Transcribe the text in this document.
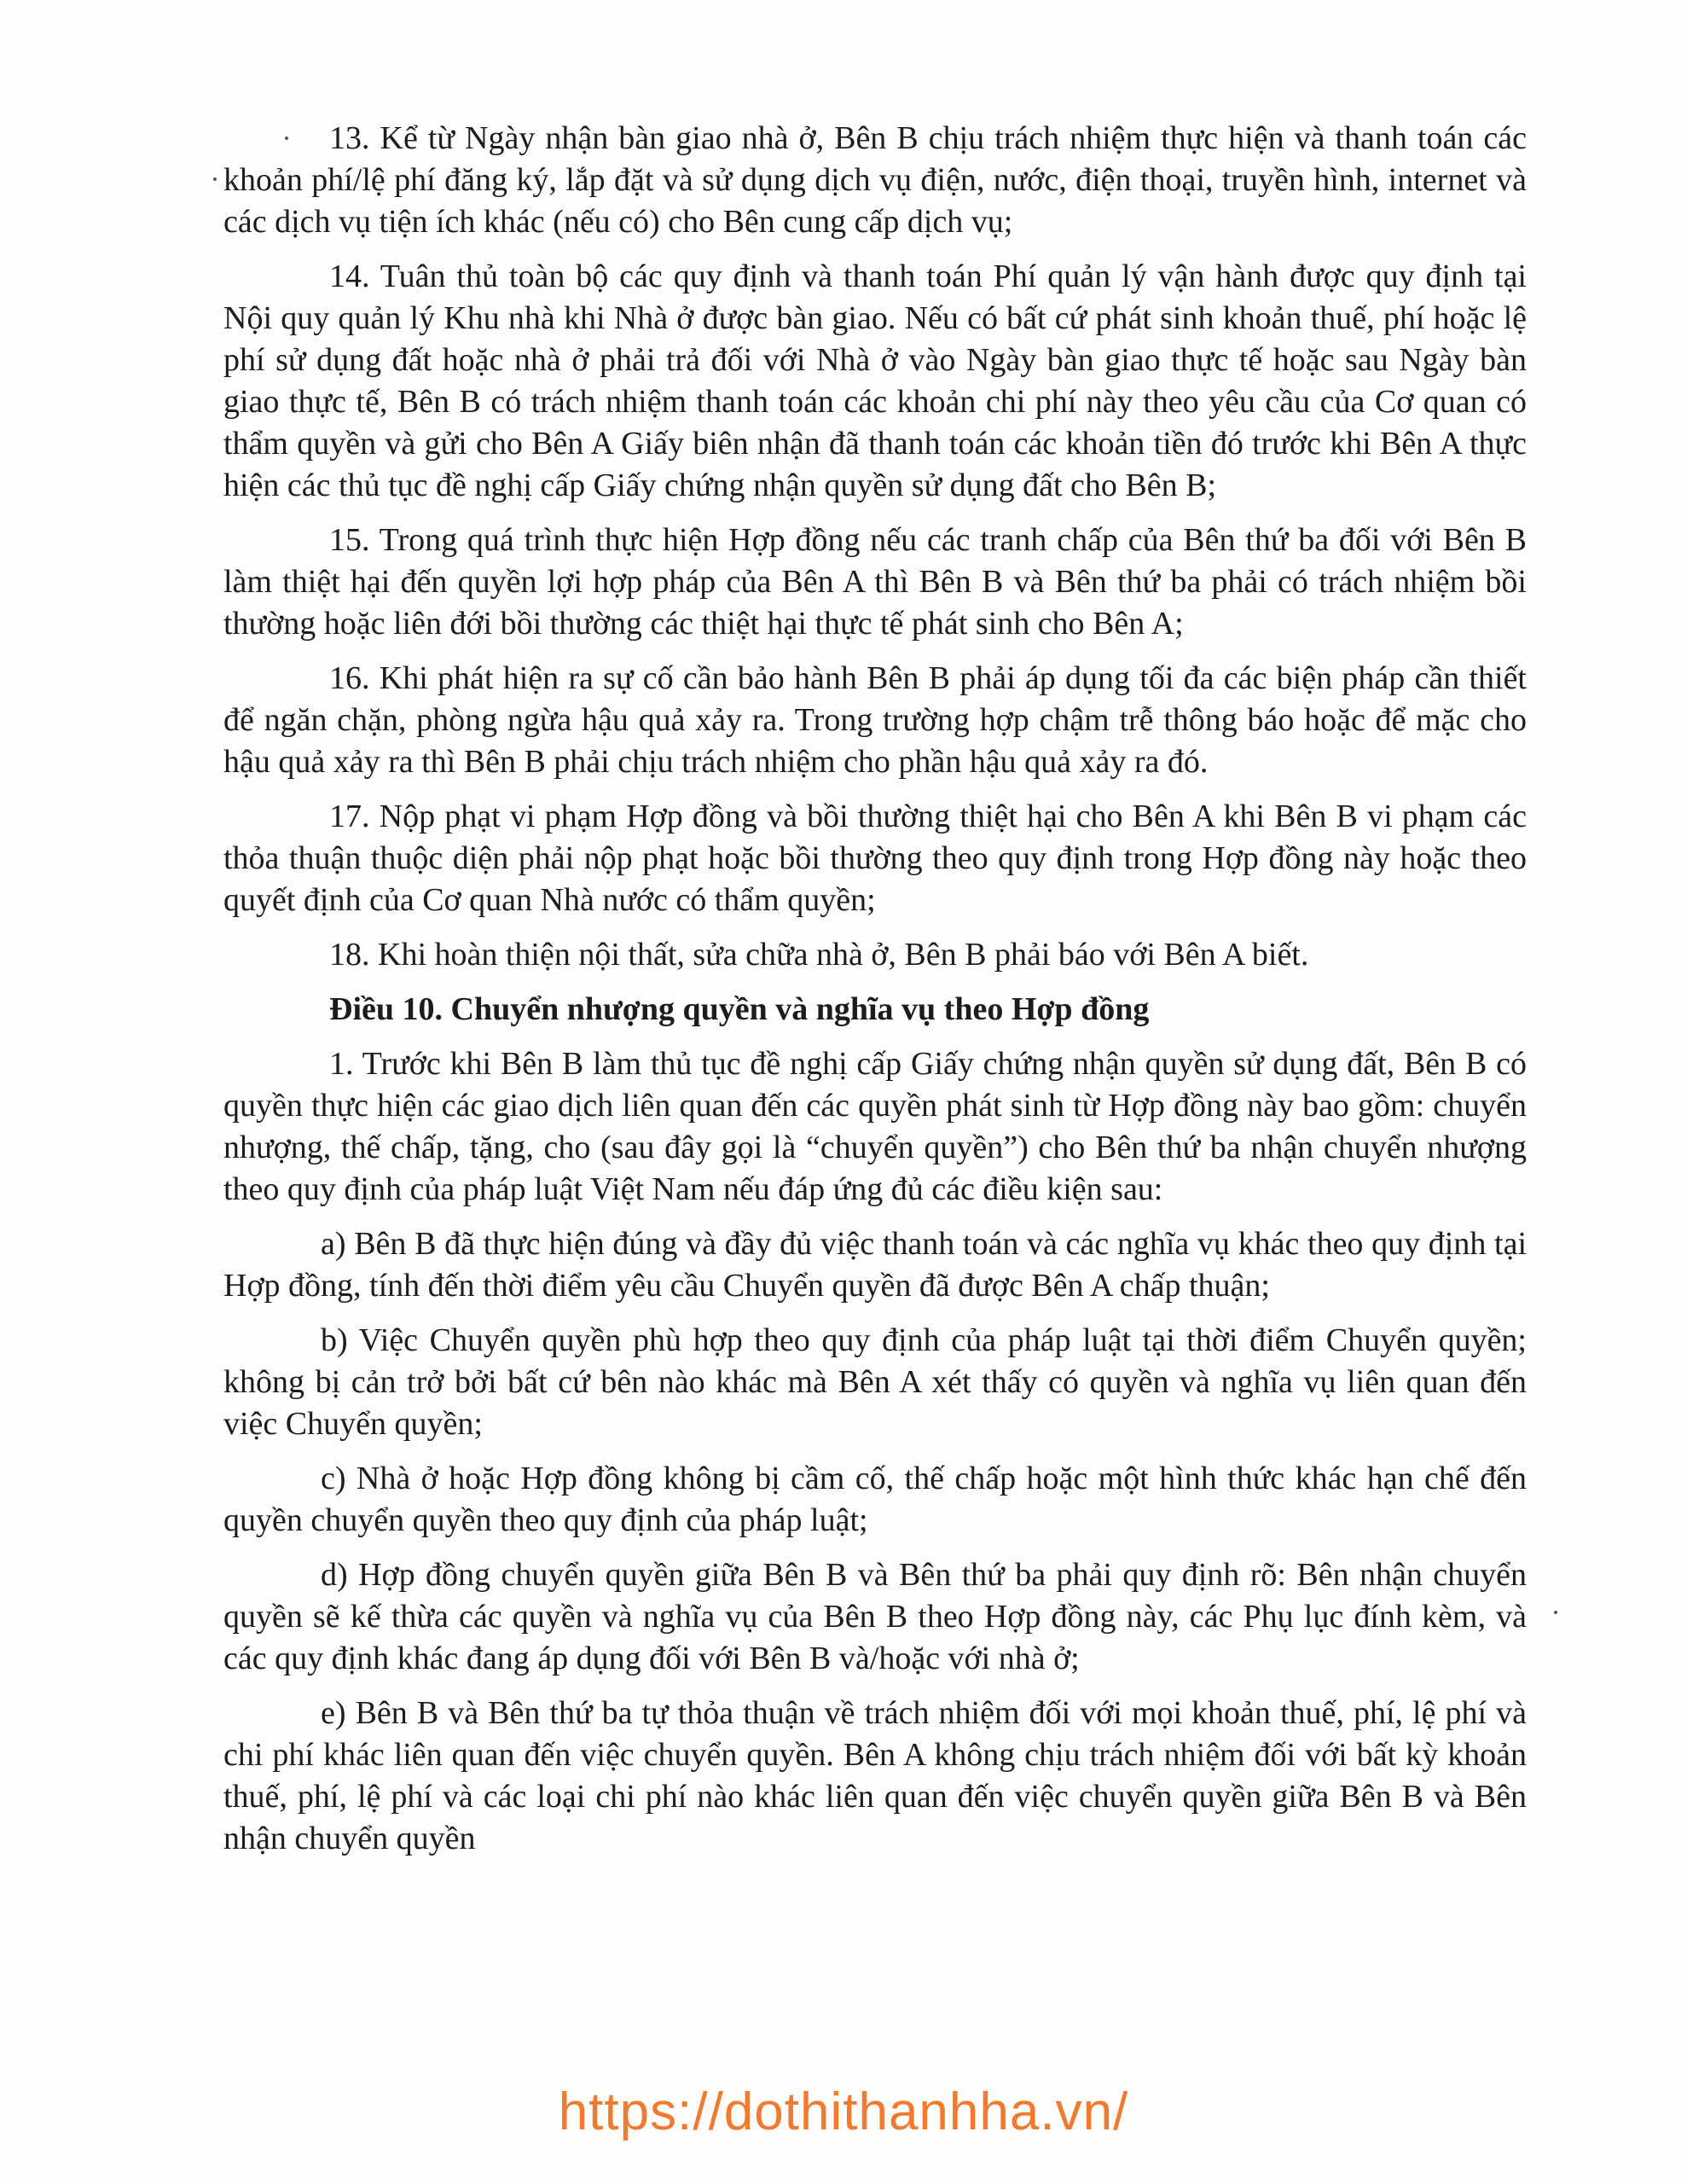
13. Kể từ Ngày nhận bàn giao nhà ở, Bên B chịu trách nhiệm thực hiện và thanh toán các khoản phí/lệ phí đăng ký, lắp đặt và sử dụng dịch vụ điện, nước, điện thoại, truyền hình, internet và các dịch vụ tiện ích khác (nếu có) cho Bên cung cấp dịch vụ;

14. Tuân thủ toàn bộ các quy định và thanh toán Phí quản lý vận hành được quy định tại Nội quy quản lý Khu nhà khi Nhà ở được bàn giao. Nếu có bất cứ phát sinh khoản thuế, phí hoặc lệ phí sử dụng đất hoặc nhà ở phải trả đối với Nhà ở vào Ngày bàn giao thực tế hoặc sau Ngày bàn giao thực tế, Bên B có trách nhiệm thanh toán các khoản chi phí này theo yêu cầu của Cơ quan có thẩm quyền và gửi cho Bên A Giấy biên nhận đã thanh toán các khoản tiền đó trước khi Bên A thực hiện các thủ tục đề nghị cấp Giấy chứng nhận quyền sử dụng đất cho Bên B;

15. Trong quá trình thực hiện Hợp đồng nếu các tranh chấp của Bên thứ ba đối với Bên B làm thiệt hại đến quyền lợi hợp pháp của Bên A thì Bên B và Bên thứ ba phải có trách nhiệm bồi thường hoặc liên đới bồi thường các thiệt hại thực tế phát sinh cho Bên A;

16. Khi phát hiện ra sự cố cần bảo hành Bên B phải áp dụng tối đa các biện pháp cần thiết để ngăn chặn, phòng ngừa hậu quả xảy ra. Trong trường hợp chậm trễ thông báo hoặc để mặc cho hậu quả xảy ra thì Bên B phải chịu trách nhiệm cho phần hậu quả xảy ra đó.

17. Nộp phạt vi phạm Hợp đồng và bồi thường thiệt hại cho Bên A khi Bên B vi phạm các thỏa thuận thuộc diện phải nộp phạt hoặc bồi thường theo quy định trong Hợp đồng này hoặc theo quyết định của Cơ quan Nhà nước có thẩm quyền;

18. Khi hoàn thiện nội thất, sửa chữa nhà ở, Bên B phải báo với Bên A biết.

Điều 10. Chuyển nhượng quyền và nghĩa vụ theo Hợp đồng

1. Trước khi Bên B làm thủ tục đề nghị cấp Giấy chứng nhận quyền sử dụng đất, Bên B có quyền thực hiện các giao dịch liên quan đến các quyền phát sinh từ Hợp đồng này bao gồm: chuyển nhượng, thế chấp, tặng, cho (sau đây gọi là “chuyển quyền”) cho Bên thứ ba nhận chuyển nhượng theo quy định của pháp luật Việt Nam nếu đáp ứng đủ các điều kiện sau:

a) Bên B đã thực hiện đúng và đầy đủ việc thanh toán và các nghĩa vụ khác theo quy định tại Hợp đồng, tính đến thời điểm yêu cầu Chuyển quyền đã được Bên A chấp thuận;

b) Việc Chuyển quyền phù hợp theo quy định của pháp luật tại thời điểm Chuyển quyền; không bị cản trở bởi bất cứ bên nào khác mà Bên A xét thấy có quyền và nghĩa vụ liên quan đến việc Chuyển quyền;

c) Nhà ở hoặc Hợp đồng không bị cầm cố, thế chấp hoặc một hình thức khác hạn chế đến quyền chuyển quyền theo quy định của pháp luật;

d) Hợp đồng chuyển quyền giữa Bên B và Bên thứ ba phải quy định rõ: Bên nhận chuyển quyền sẽ kế thừa các quyền và nghĩa vụ của Bên B theo Hợp đồng này, các Phụ lục đính kèm, và các quy định khác đang áp dụng đối với Bên B và/hoặc với nhà ở;

e) Bên B và Bên thứ ba tự thỏa thuận về trách nhiệm đối với mọi khoản thuế, phí, lệ phí và chi phí khác liên quan đến việc chuyển quyền. Bên A không chịu trách nhiệm đối với bất kỳ khoản thuế, phí, lệ phí và các loại chi phí nào khác liên quan đến việc chuyển quyền giữa Bên B và Bên nhận chuyển quyền

https://dothithanhha.vn/
